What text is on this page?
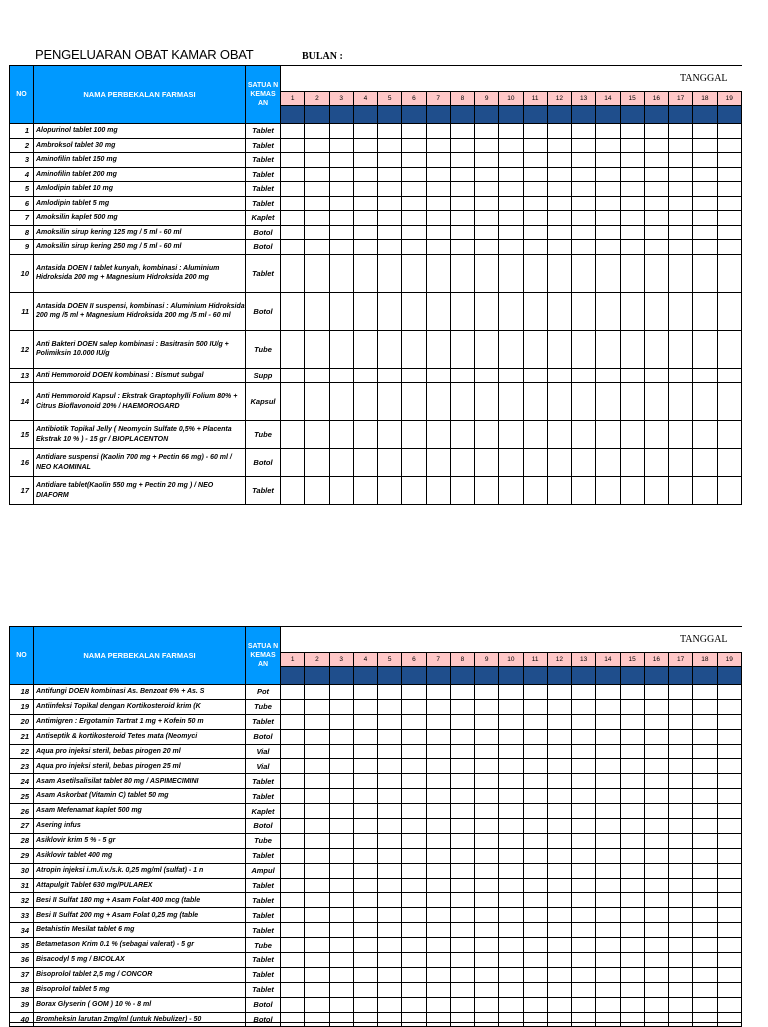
PENGELUARAN OBAT KAMAR OBAT	BULAN :
NO	NAMA PERBEKALAN FARMASI	SATUA N KEMAS AN	TANGGAL																		
			1	2	3	4	5	6	7	8	9	10	11	12	13	14	15	16	17	18	19

1	Alopurinol tablet 100 mg	Tablet																			
2	Ambroksol tablet 30 mg	Tablet																			
3	Aminofilin tablet 150 mg	Tablet																			
4	Aminofilin tablet 200 mg	Tablet																			
5	Amlodipin tablet 10 mg	Tablet																			
6	Amlodipin tablet 5 mg	Tablet																			
7	Amoksilin kaplet 500 mg	Kaplet																			
8	Amoksilin sirup kering 125 mg / 5 ml - 60 ml	Botol																			
9	Amoksilin sirup kering 250 mg / 5 ml - 60 ml	Botol																			
10	Antasida DOEN I tablet kunyah, kombinasi : Aluminium Hidroksida 200 mg + Magnesium Hidroksida 200 mg	Tablet																			
11	Antasida DOEN II suspensi, kombinasi : Aluminium Hidroksida 200 mg /5 ml + Magnesium Hidroksida 200 mg /5 ml - 60 ml	Botol																			
12	Anti Bakteri DOEN salep kombinasi : Basitrasin 500 IU/g + Polimiksin 10.000 IU/g	Tube																			
13	Anti Hemmoroid DOEN kombinasi : Bismut subgal	Supp																			
14	Anti Hemmoroid Kapsul : Ekstrak Graptophylli Folium 80% + Citrus Bioflavonoid 20% / HAEMOROGARD	Kapsul																			
15	Antibiotik Topikal Jelly ( Neomycin Sulfate 0,5% + Placenta Ekstrak 10 % ) - 15 gr / BIOPLACENTON	Tube																			
16	Antidiare suspensi (Kaolin 700 mg + Pectin 66 mg) - 60 ml / NEO KAOMINAL	Botol																			
17	Antidiare tablet(Kaolin 550 mg + Pectin 20 mg ) / NEO DIAFORM	Tablet																			
NO	NAMA PERBEKALAN FARMASI	SATUA N KEMAS AN	TANGGAL																		
			1	2	3	4	5	6	7	8	9	10	11	12	13	14	15	16	17	18	19

18	Antifungi DOEN kombinasi As. Benzoat 6% + As. S	Pot																			
19	Antiinfeksi Topikal dengan Kortikosteroid krim (K	Tube																			
20	Antimigren : Ergotamin Tartrat 1 mg + Kofein 50 m	Tablet																			
21	Antiseptik & kortikosteroid Tetes mata (Neomyci	Botol																			
22	Aqua pro injeksi steril, bebas pirogen 20 ml	Vial																			
23	Aqua pro injeksi steril, bebas pirogen 25 ml	Vial																			
24	Asam Asetilsalisilat tablet 80 mg / ASPIMECIMINI	Tablet																			
25	Asam Askorbat (Vitamin C) tablet 50 mg	Tablet																			
26	Asam Mefenamat kaplet 500 mg	Kaplet																			
27	Asering infus	Botol																			
28	Asiklovir krim 5 % - 5 gr	Tube																			
29	Asiklovir tablet 400 mg	Tablet																			
30	Atropin injeksi i.m./i.v./s.k. 0,25 mg/ml (sulfat) - 1 n	Ampul																			
31	Attapulgit Tablet 630 mg/PULAREX	Tablet																			
32	Besi II Sulfat 180 mg + Asam Folat 400 mcg (table	Tablet																			
33	Besi II Sulfat 200 mg + Asam Folat 0,25 mg (table	Tablet																			
34	Betahistin Mesilat tablet 6 mg	Tablet																			
35	Betametason Krim 0.1 % (sebagai valerat) - 5 gr	Tube																			
36	Bisacodyl 5 mg / BICOLAX	Tablet																			
37	Bisoprolol tablet 2,5 mg / CONCOR	Tablet																			
38	Bisoprolol tablet 5 mg	Tablet																			
39	Borax Glyserin ( GOM ) 10 % - 8 ml	Botol																			
40	Bromheksin larutan 2mg/ml (untuk Nebulizer) - 50	Botol																			
